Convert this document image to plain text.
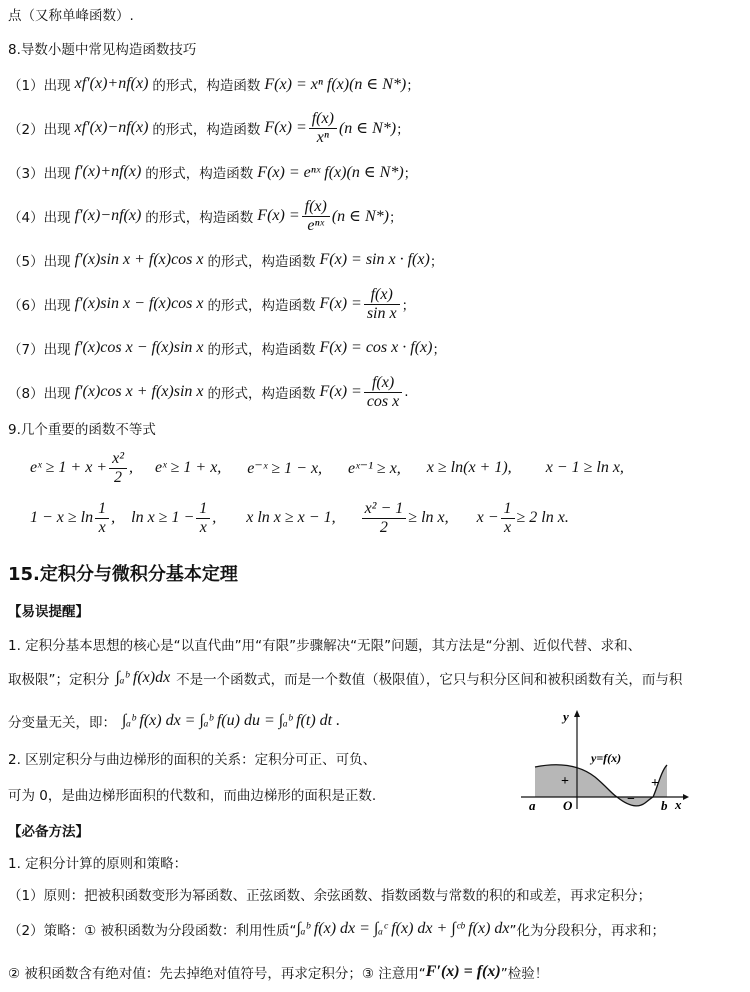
点（又称单峰函数）.
8.导数小题中常见构造函数技巧
（1）出现 xf′(x)+nf(x) 的形式，构造函数 F(x) = xⁿ f(x)(n ∈ N*) ；
（2）出现 xf′(x)−nf(x) 的形式，构造函数 $F(x) = \frac{f(x)}{\text{xⁿ}} (n$ ∈ N*) ；
（3）出现 f′(x)+nf(x) 的形式，构造函数 F(x) = eⁿˣ f(x)(n ∈ N*) ；
（4）出现 f′(x)−nf(x) 的形式，构造函数 $F(x) = \frac{f(x)}{\text{eⁿˣ}} (n$ ∈ N*) ；
（5）出现 f′(x)sin x + f(x)cos x 的形式，构造函数 F(x) = sin x · f(x) ；
（6）出现 f′(x)sin x − f(x)cos x 的形式，构造函数 $F(x) = \frac{f(x)}{\text{sin x}}$ ；
（7）出现 f′(x)cos x − f(x)sin x 的形式，构造函数 F(x) = cos x · f(x) ；
（8）出现 f′(x)cos x + f(x)sin x 的形式，构造函数 $F(x) = \frac{f(x)}{\text{cos x}}$ .
9.几个重要的函数不等式
eˣ ≥ $1 + x + \frac{\text{x²}}{2}$ , eˣ ≥ 1 + x, e⁻ˣ ≥ 1 − x, eˣ⁻¹ ≥ x, x ≥ ln(x + 1), x − 1 ≥ ln x,
$1 - x \ge \ln \frac{1}{x}$ , $\ln x \ge 1 - \frac{1}{x}$ , x ln x ≥ x − 1, $\frac{\text{x² − 1}}{2} \ge \ln x$, $x - \frac{1}{x} \ge 2$ ln x.
15.定积分与微积分基本定理
【易误提醒】
1. 定积分基本思想的核心是“以直代曲”用“有限”步骤解决“无限”问题，其方法是“分割、近似代替、求和、
取极限”；定积分 ∫ₐᵇ f(x)dx 不是一个函数式，而是一个数值（极限值），它只与积分区间和被积函数有关，而与积
分变量无关，即： ∫ₐᵇ f(x) dx = ∫ₐᵇ f(u) du = ∫ₐᵇ f(t) dt .
2. 区别定积分与曲边梯形的面积的关系：定积分可正、可负、
可为 0，是曲边梯形面积的代数和，而曲边梯形的面积是正数.
y
x
y=f(x)
+
−
+
a O	b
【必备方法】
1. 定积分计算的原则和策略：
（1）原则：把被积函数变形为幂函数、正弦函数、余弦函数、指数函数与常数的积的和或差，再求定积分；
（2）策略：① 被积函数为分段函数：利用性质“ ∫ₐᵇ f(x) dx = ∫ₐᶜ f(x) dx + ∫ᶜᵇ f(x) dx ”化为分段积分，再求和；
② 被积函数含有绝对值：先去掉绝对值符号，再求定积分；③ 注意用“ F′(x) = f(x) ”检验！
